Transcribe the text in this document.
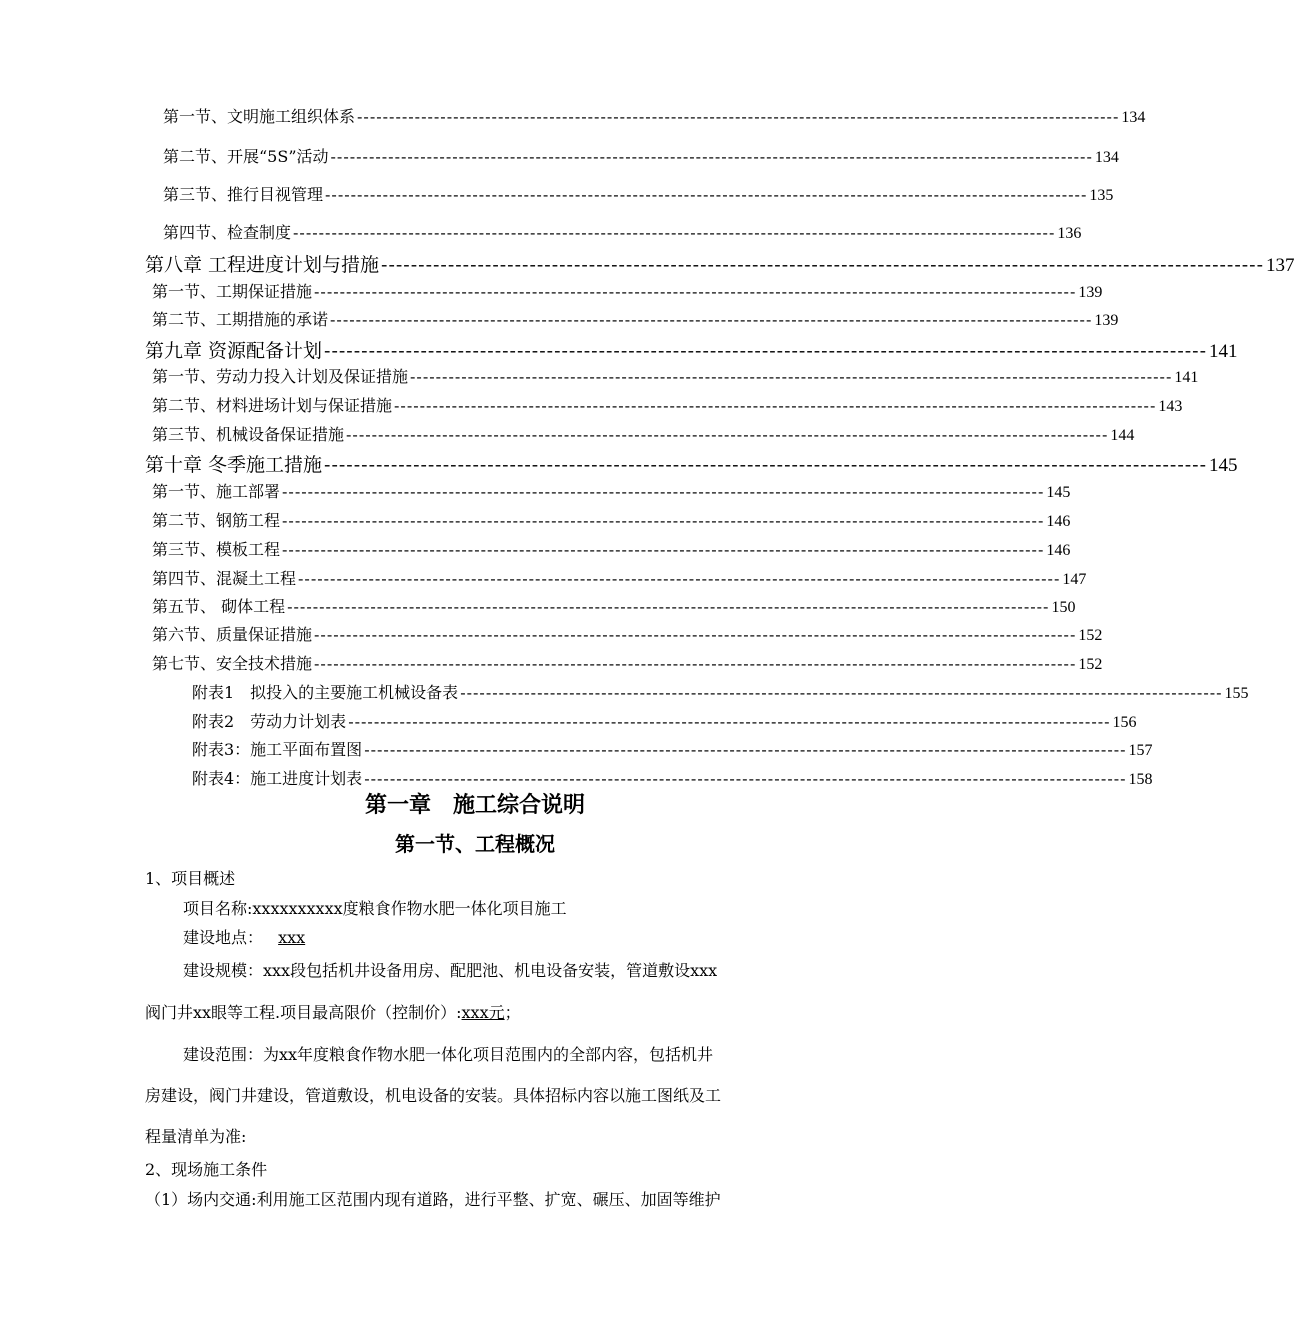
第一节、文明施工组织体系 ----------------------------------------------------------------------------------------------------------------------- 134
第二节、开展“5S”活动 ----------------------------------------------------------------------------------------------------------------------- 134
第三节、推行目视管理 ----------------------------------------------------------------------------------------------------------------------- 135
第四节、检查制度 ----------------------------------------------------------------------------------------------------------------------- 136
第八章 工程进度计划与措施 ----------------------------------------------------------------------------------------------------------------------- 137
第一节、工期保证措施 ----------------------------------------------------------------------------------------------------------------------- 139
第二节、工期措施的承诺 ----------------------------------------------------------------------------------------------------------------------- 139
第九章 资源配备计划 ----------------------------------------------------------------------------------------------------------------------- 141
第一节、劳动力投入计划及保证措施 ----------------------------------------------------------------------------------------------------------------------- 141
第二节、材料进场计划与保证措施 ----------------------------------------------------------------------------------------------------------------------- 143
第三节、机械设备保证措施 ----------------------------------------------------------------------------------------------------------------------- 144
第十章 冬季施工措施 ----------------------------------------------------------------------------------------------------------------------- 145
第一节、施工部署 ----------------------------------------------------------------------------------------------------------------------- 145
第二节、钢筋工程 ----------------------------------------------------------------------------------------------------------------------- 146
第三节、模板工程 ----------------------------------------------------------------------------------------------------------------------- 146
第四节、混凝土工程 ----------------------------------------------------------------------------------------------------------------------- 147
第五节、 砌体工程 ----------------------------------------------------------------------------------------------------------------------- 150
第六节、质量保证措施 ----------------------------------------------------------------------------------------------------------------------- 152
第七节、安全技术措施 ----------------------------------------------------------------------------------------------------------------------- 152
附表1　拟投入的主要施工机械设备表 ----------------------------------------------------------------------------------------------------------------------- 155
附表2　劳动力计划表 ----------------------------------------------------------------------------------------------------------------------- 156
附表3：施工平面布置图 ----------------------------------------------------------------------------------------------------------------------- 157
附表4：施工进度计划表 ----------------------------------------------------------------------------------------------------------------------- 158
第一章　施工综合说明
第一节、工程概况
1、项目概述
项目名称:xxxxxxxxxx度粮食作物水肥一体化项目施工
建设地点： xxx
建设规模：xxx段包括机井设备用房、配肥池、机电设备安装，管道敷设xxx
阀门井xx眼等工程.项目最高限价（控制价）:xxx元；
建设范围：为xx年度粮食作物水肥一体化项目范围内的全部内容，包括机井
房建设，阀门井建设，管道敷设，机电设备的安装。具体招标内容以施工图纸及工
程量清单为准:
2、现场施工条件
（1）场内交通:利用施工区范围内现有道路，进行平整、扩宽、碾压、加固等维护
